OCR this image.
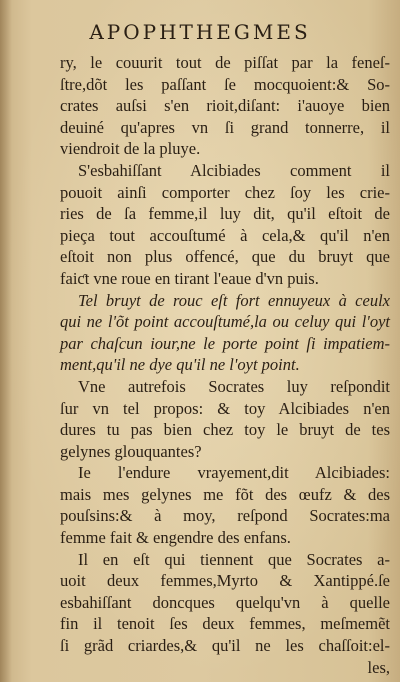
APOPHTHEGMES
ry, le couurit tout de piſſat par la feneſ-
ſtre,dõt les paſſant ſe mocquoient:& So-
crates auſsi s'en rioit,diſant: i'auoye bien
deuiné qu'apres vn ſi grand tonnerre, il
viendroit de la pluye.
S'esbahiſſant Alcibiades comment il
pouoit ainſi comporter chez ſoy les crie-
ries de ſa femme,il luy dit, qu'il eſtoit de
pieça tout accouſtumé à cela,& qu'il n'en
eſtoit non plus offencé, que du bruyt que
faiƈt vne roue en tirant l'eaue d'vn puis.
Tel bruyt de rouc eſt fort ennuyeux à ceulx
qui ne l'õt point accouſtumé,la ou celuy qui l'oyt
par chaſcun iour,ne le porte point ſi impatiem-
ment,qu'il ne dye qu'il ne l'oyt point.
Vne autrefois Socrates luy reſpondit
ſur vn tel propos: & toy Alcibiades n'en
dures tu pas bien chez toy le bruyt de tes
gelynes glouquantes?
Ie l'endure vrayement,dit Alcibiades:
mais mes gelynes me fõt des œufz & des
pouſsins:& à moy, reſpond Socrates:ma
femme fait & engendre des enfans.
Il en eſt qui tiennent que Socrates a-
uoit deux femmes,Myrto & Xantippé.ſe
esbahiſſant doncques quelqu'vn à quelle
fin il tenoit ſes deux femmes, meſmemẽt
ſi grãd criardes,& qu'il ne les chaſſoit:el-
les,
